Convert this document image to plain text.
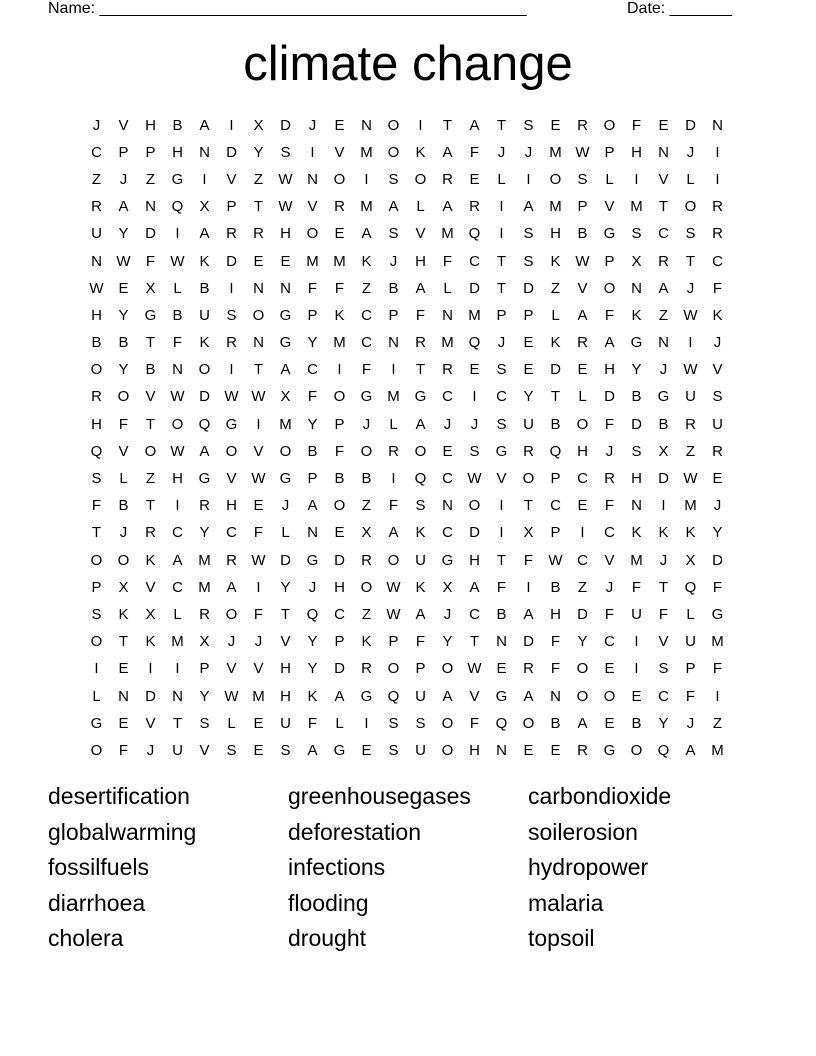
Name: ________________________________________________	Date: _______
climate change
J	V	H	B	A	I	X	D	J	E	N	O	I	T	A	T	S	E	R	O	F	E	D	N
C	P	P	H	N	D	Y	S	I	V	M O	K	A	F	J	J	M W P	H	N	J	I
Z	J	Z	G	I	V	Z	W N	O	I	S	O	R	E	L	I	O	S	L	I	V	L	I
R	A	N	Q	X	P	T	W V	R	M	A	L	A	R	I	A	M	P	V	M	T	O	R
U	Y	D	I	A	R	R	H	O	E	A	S	V	M Q	I	S	H	B	G	S	C	S	R
N W	F	W K	D	E	E	M M	K	J	H	F	C	T	S	K W P	X	R	T	C
W E	X	L	B	I	N	N	F	F	Z	B	A	L	D	T	D	Z	V	O	N	A	J	F
H	Y	G	B	U	S	O	G	P	K	C	P	F	N	M	P	P	L	A	F	K	Z	W K
B	B	T	F	K	R	N	G	Y	M	C	N	R	M Q	J	E	K	R	A	G	N	I	J
O	Y	B	N	O	I	T	A	C	I	F	I	T	R	E	S	E	D	E	H	Y	J	W V
R	O	V W D W W X	F	O	G M G	C	I	C	Y	T	L	D	B	G	U	S
H	F	T	O	Q	G	I	M	Y	P	J	L	A	J	J	S	U	B	O	F	D	B	R	U
Q	V	O W A	O	V	O	B	F	O	R	O	E	S	G	R	Q	H	J	S	X	Z	R
S	L	Z	H	G	V W G	P	B	B	I	Q	C W V	O	P	C	R	H	D W E
F	B	T	I	R	H	E	J	A	O	Z	F	S	N	O	I	T	C	E	F	N	I	M	J
T	J	R	C	Y	C	F	L	N	E	X	A	K	C	D	I	X	P	I	C	K	K	K	Y
O	O	K	A	M	R W D	G	D	R	O	U	G	H	T	F	W C	V	M	J	X	D
P	X	V	C	M	A	I	Y	J	H	O W K	X	A	F	I	B	Z	J	F	T	Q	F
S	K	X	L	R	O	F	T	Q	C	Z	W A	J	C	B	A	H	D	F	U	F	L	G
O	T	K	M	X	J	J	V	Y	P	K	P	F	Y	T	N	D	F	Y	C	I	V	U	M
I	E	I	I	P	V	V	H	Y	D	R	O	P	O W E	R	F	O	E	I	S	P	F
L	N	D	N	Y W M	H	K	A	G	Q	U	A	V	G	A	N	O	O	E	C	F	I
G	E	V	T	S	L	E	U	F	L	I	S	S	O	F	Q	O	B	A	E	B	Y	J	Z
O	F	J	U	V	S	E	S	A	G	E	S	U	O	H	N	E	E	R	G	O	Q	A	M
desertification	greenhousegases	carbondioxide
globalwarming	deforestation	soilerosion
fossilfuels	infections	hydropower
diarrhoea	flooding	malaria
cholera	drought	topsoil
